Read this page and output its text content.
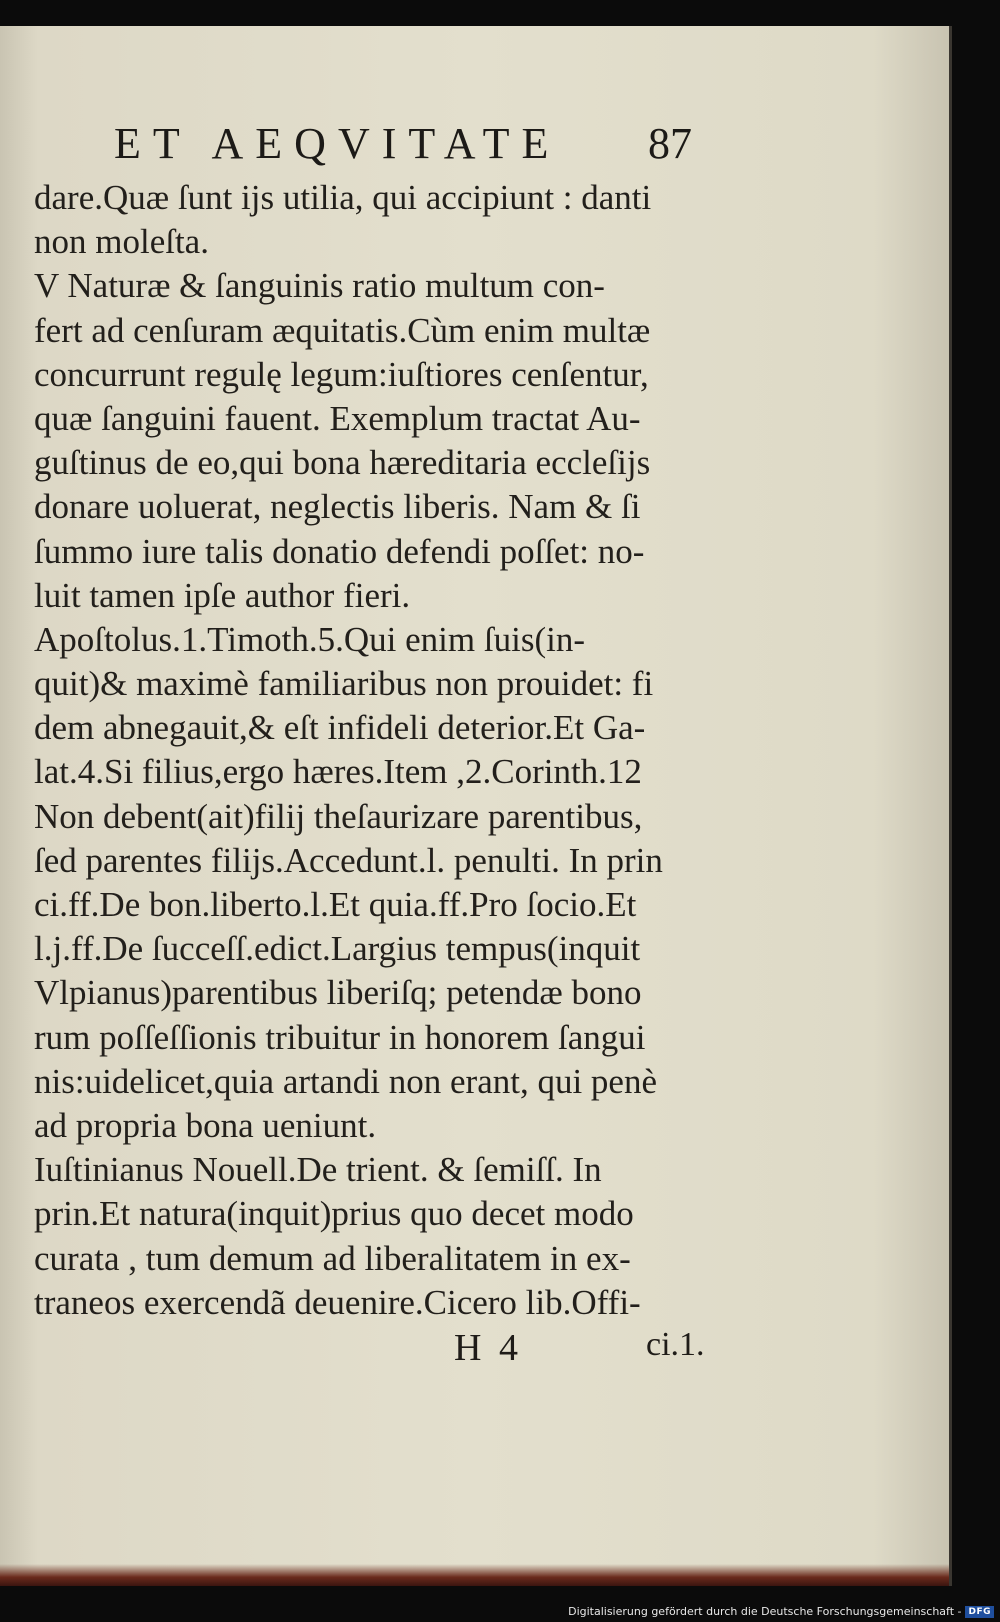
ET AEQVITATE 87
dare.Quæ ſunt ijs utilia, qui accipiunt : danti
non moleſta.
V Naturæ & ſanguinis ratio multum con-
fert ad cenſuram æquitatis.Cùm enim multæ
concurrunt regulę legum:iuſtiores cenſentur,
quæ ſanguini fauent. Exemplum tractat Au-
guſtinus de eo,qui bona hæreditaria eccleſijs
donare uoluerat, neglectis liberis. Nam & ſi
ſummo iure talis donatio defendi poſſet: no-
luit tamen ipſe author fieri.
Apoſtolus.1.Timoth.5.Qui enim ſuis(in-
quit)& maximè familiaribus non prouidet: fi
dem abnegauit,& eſt infideli deterior.Et Ga-
lat.4.Si filius,ergo hæres.Item ,2.Corinth.12
Non debent(ait)filij theſaurizare parentibus,
ſed parentes filijs.Accedunt.l. penulti. In prin
ci.ff.De bon.liberto.l.Et quia.ff.Pro ſocio.Et
l.j.ff.De ſucceſſ.edict.Largius tempus(inquit
Vlpianus)parentibus liberiſq; petendæ bono
rum poſſeſſionis tribuitur in honorem ſangui
nis:uidelicet,quia artandi non erant, qui penè
ad propria bona ueniunt.
Iuſtinianus Nouell.De trient. & ſemiſſ. In
prin.Et natura(inquit)prius quo decet modo
curata , tum demum ad liberalitatem in ex-
traneos exercendã deuenire.Cicero lib.Offi-
H 4	ci.1.
Digitalisierung gefördert durch die Deutsche Forschungsgemeinschaft - DFG
